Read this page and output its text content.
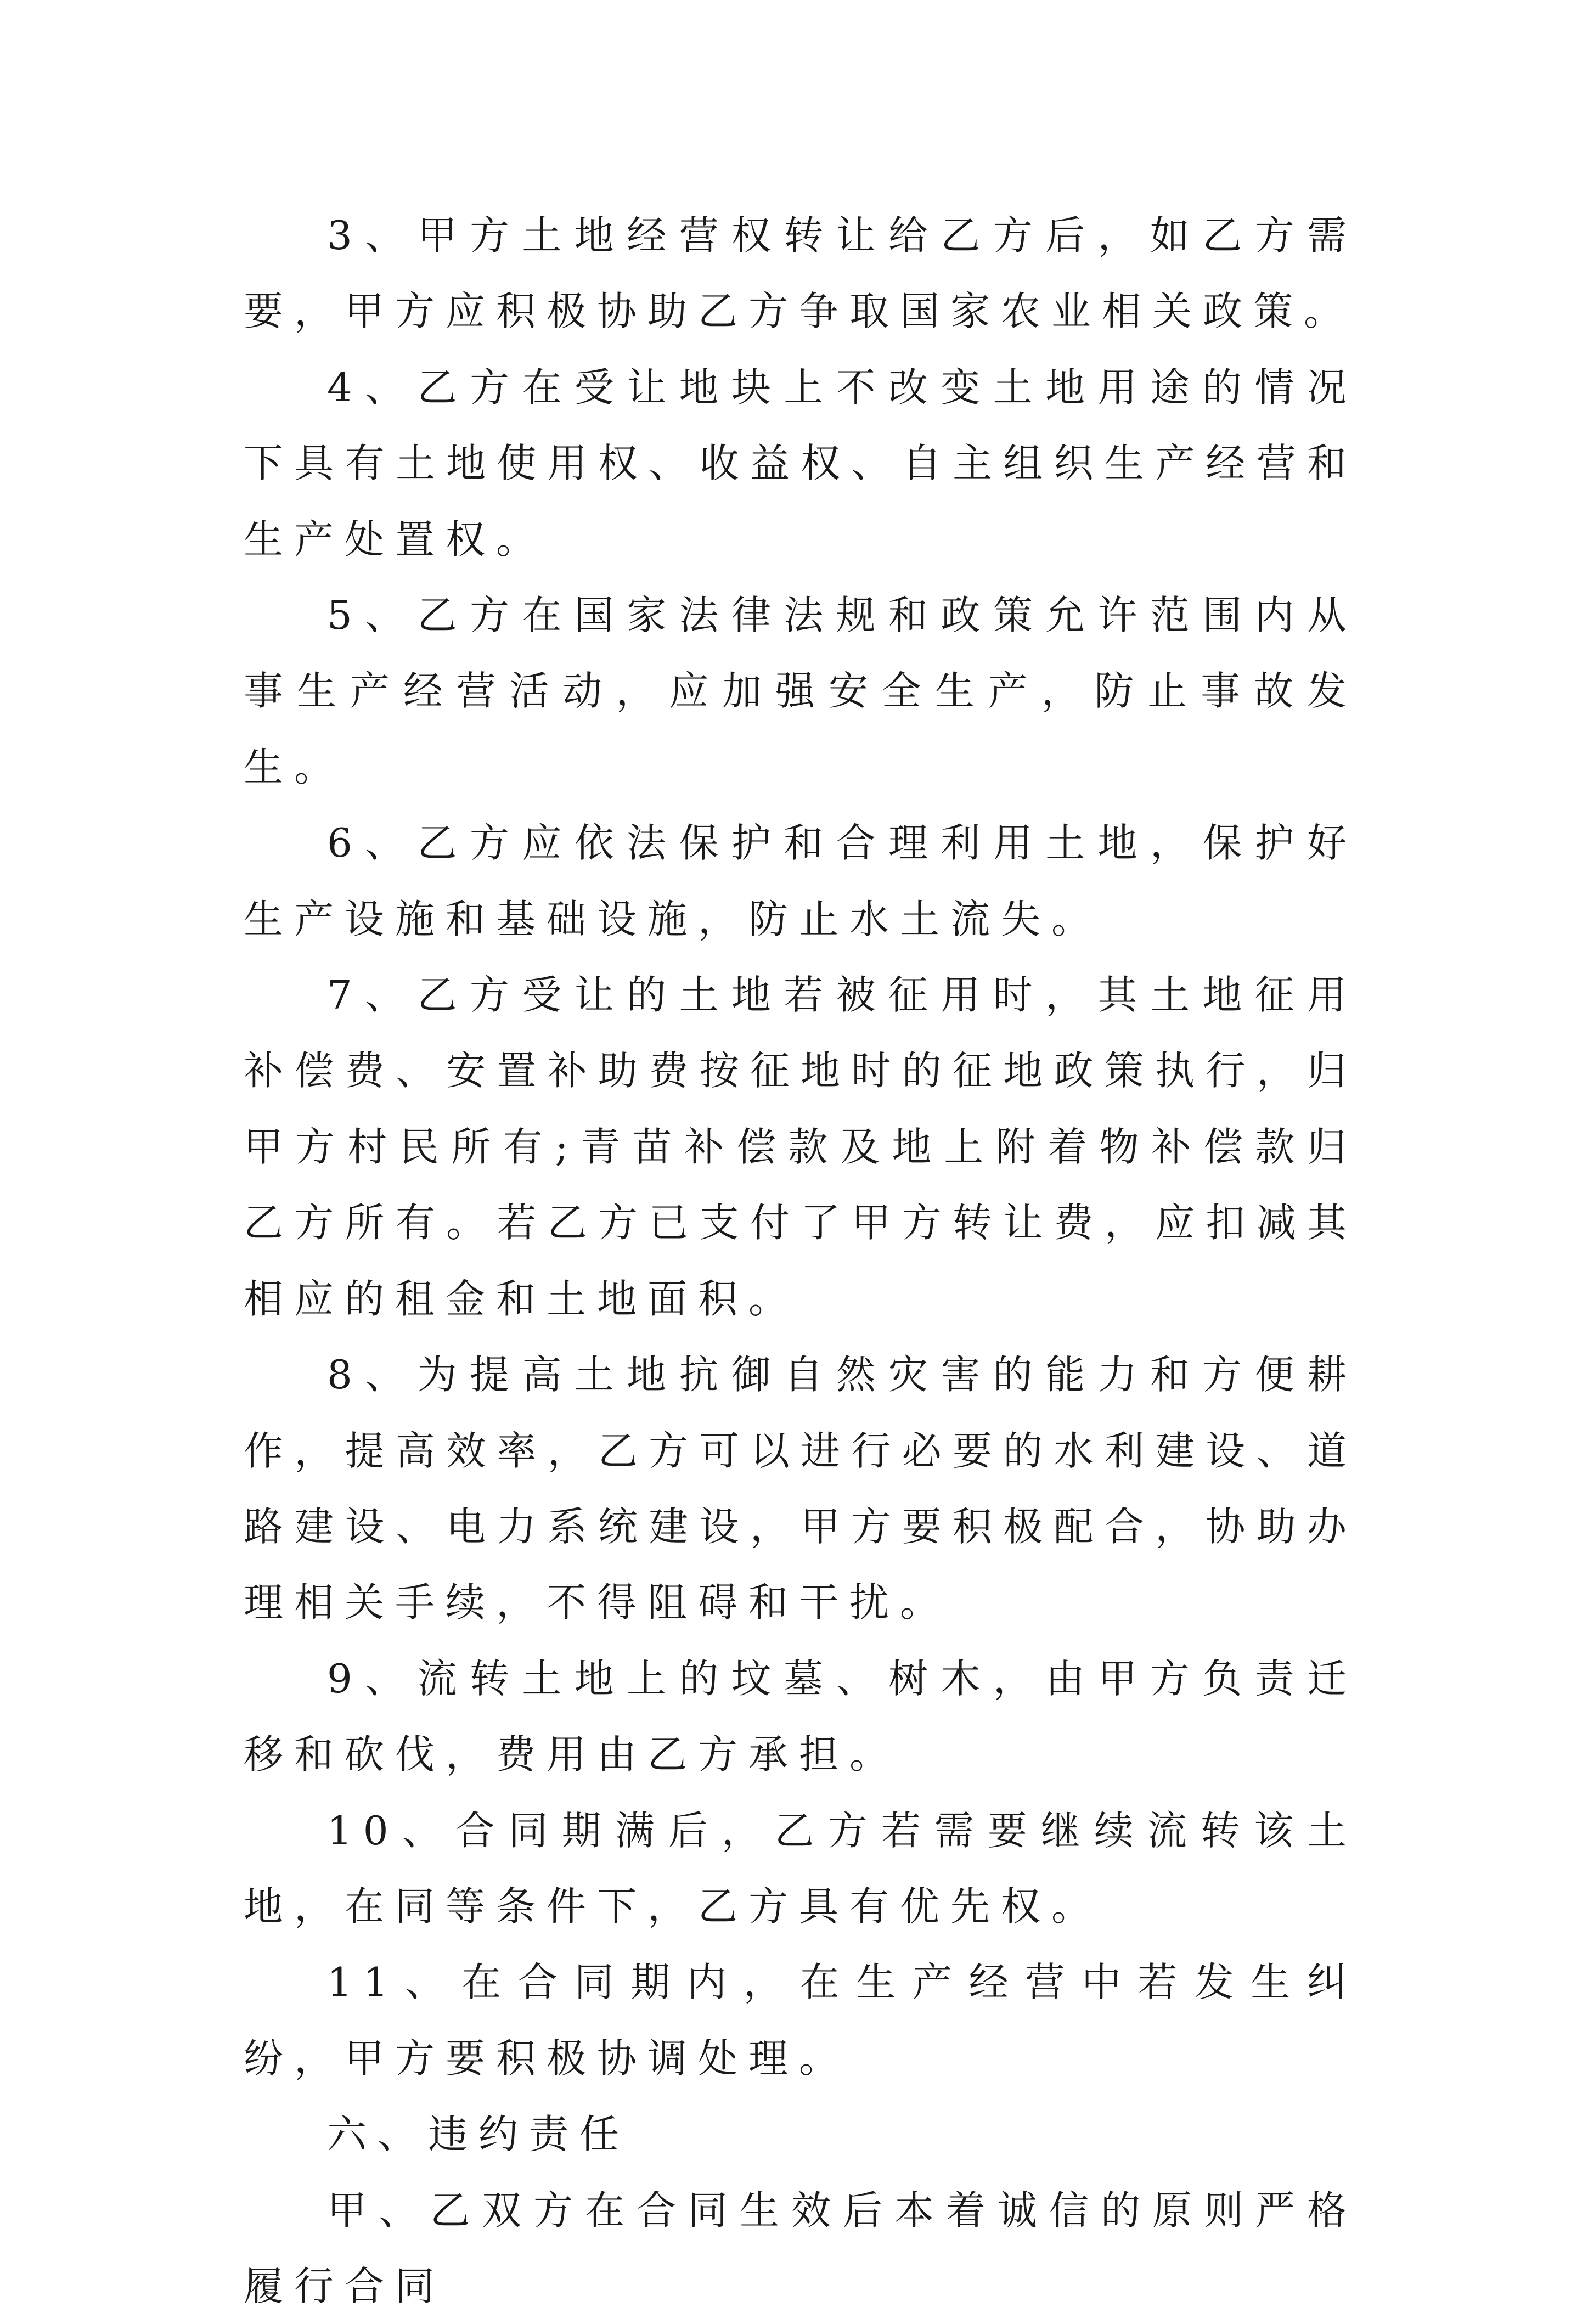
3、甲方土地经营权转让给乙方后，如乙方需要，甲方应积极协助乙方争取国家农业相关政策。

4、乙方在受让地块上不改变土地用途的情况下具有土地使用权、收益权、自主组织生产经营和生产处置权。

5、乙方在国家法律法规和政策允许范围内从事生产经营活动，应加强安全生产，防止事故发生。

6、乙方应依法保护和合理利用土地，保护好生产设施和基础设施，防止水土流失。

7、乙方受让的土地若被征用时，其土地征用补偿费、安置补助费按征地时的征地政策执行，归甲方村民所有;青苗补偿款及地上附着物补偿款归乙方所有。若乙方已支付了甲方转让费，应扣减其相应的租金和土地面积。

8、为提高土地抗御自然灾害的能力和方便耕作，提高效率，乙方可以进行必要的水利建设、道路建设、电力系统建设，甲方要积极配合，协助办理相关手续，不得阻碍和干扰。

9、流转土地上的坟墓、树木，由甲方负责迁移和砍伐，费用由乙方承担。

10、合同期满后，乙方若需要继续流转该土地，在同等条件下，乙方具有优先权。

11、在合同期内，在生产经营中若发生纠纷，甲方要积极协调处理。

六、违约责任

甲、乙双方在合同生效后本着诚信的原则严格履行合同
